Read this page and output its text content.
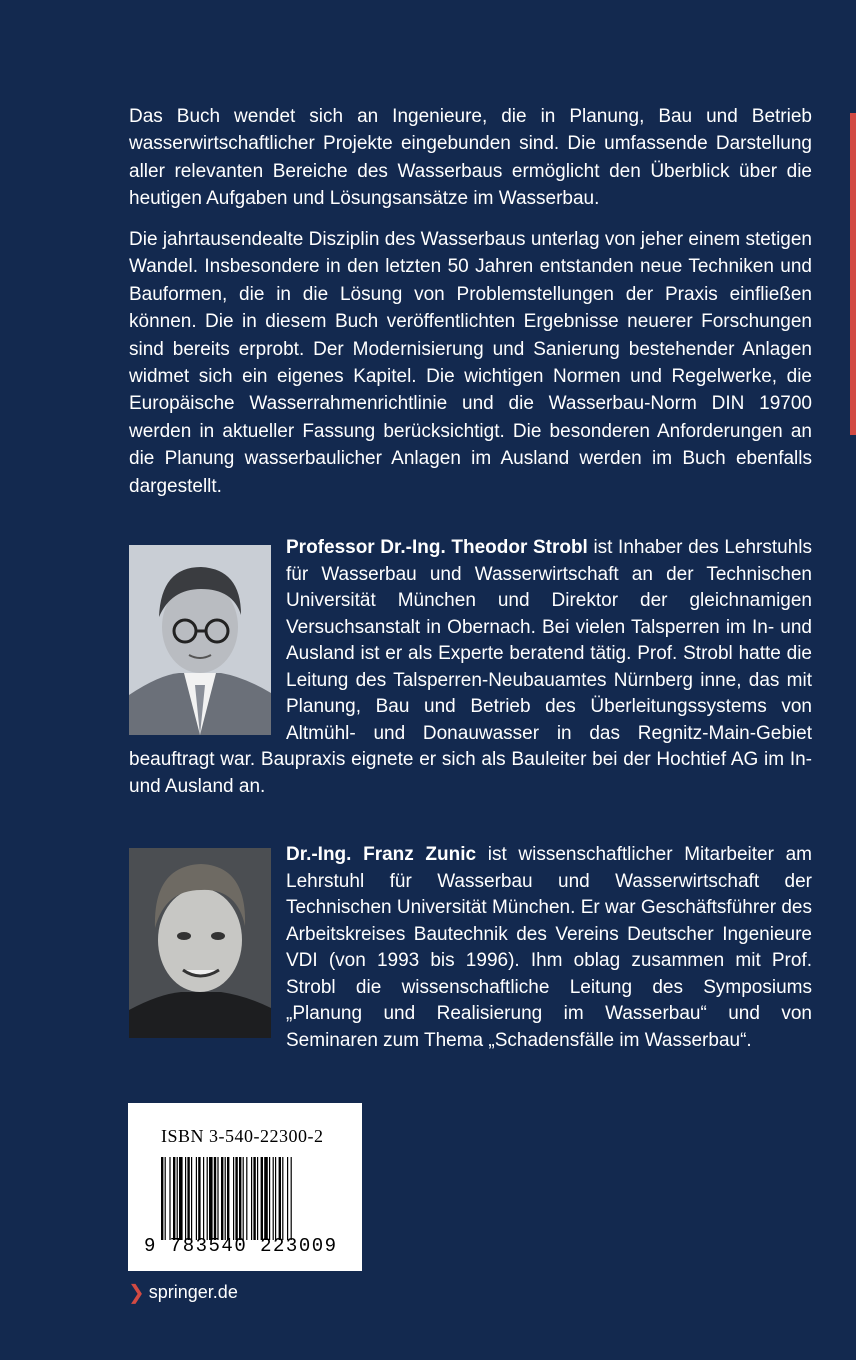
Das Buch wendet sich an Ingenieure, die in Planung, Bau und Betrieb wasserwirtschaftlicher Projekte eingebunden sind. Die umfassende Darstellung aller relevanten Bereiche des Wasserbaus ermöglicht den Überblick über die heutigen Aufgaben und Lösungsansätze im Wasserbau.

Die jahrtausendealte Disziplin des Wasserbaus unterlag von jeher einem stetigen Wandel. Insbesondere in den letzten 50 Jahren entstanden neue Techniken und Bauformen, die in die Lösung von Problemstellungen der Praxis einfließen können. Die in diesem Buch veröffentlichten Ergebnisse neuerer Forschungen sind bereits erprobt. Der Modernisierung und Sanierung bestehender Anlagen widmet sich ein eigenes Kapitel. Die wichtigen Normen und Regelwerke, die Europäische Wasserrahmenrichtlinie und die Wasserbau-Norm DIN 19700 werden in aktueller Fassung berücksichtigt. Die besonderen Anforderungen an die Planung wasserbaulicher Anlagen im Ausland werden im Buch ebenfalls dargestellt.

Professor Dr.-Ing. Theodor Strobl ist Inhaber des Lehrstuhls für Wasserbau und Wasserwirtschaft an der Technischen Universität München und Direktor der gleichnamigen Versuchsanstalt in Obernach. Bei vielen Talsperren im In- und Ausland ist er als Experte beratend tätig. Prof. Strobl hatte die Leitung des Talsperren-Neubauamtes Nürnberg inne, das mit Planung, Bau und Betrieb des Überleitungssystems von Altmühl- und Donauwasser in das Regnitz-Main-Gebiet beauftragt war. Baupraxis eignete er sich als Bauleiter bei der Hochtief AG im In- und Ausland an.
Dr.-Ing. Franz Zunic ist wissenschaftlicher Mitarbeiter am Lehrstuhl für Wasserbau und Wasserwirtschaft der Technischen Universität München. Er war Geschäftsführer des Arbeitskreises Bautechnik des Vereins Deutscher Ingenieure VDI (von 1993 bis 1996). Ihm oblag zusammen mit Prof. Strobl die wissenschaftliche Leitung des Symposiums „Planung und Realisierung im Wasserbau“ und von Seminaren zum Thema „Schadensfälle im Wasserbau“.
ISBN 3-540-22300-2
9 783540 223009
❯ springer.de
